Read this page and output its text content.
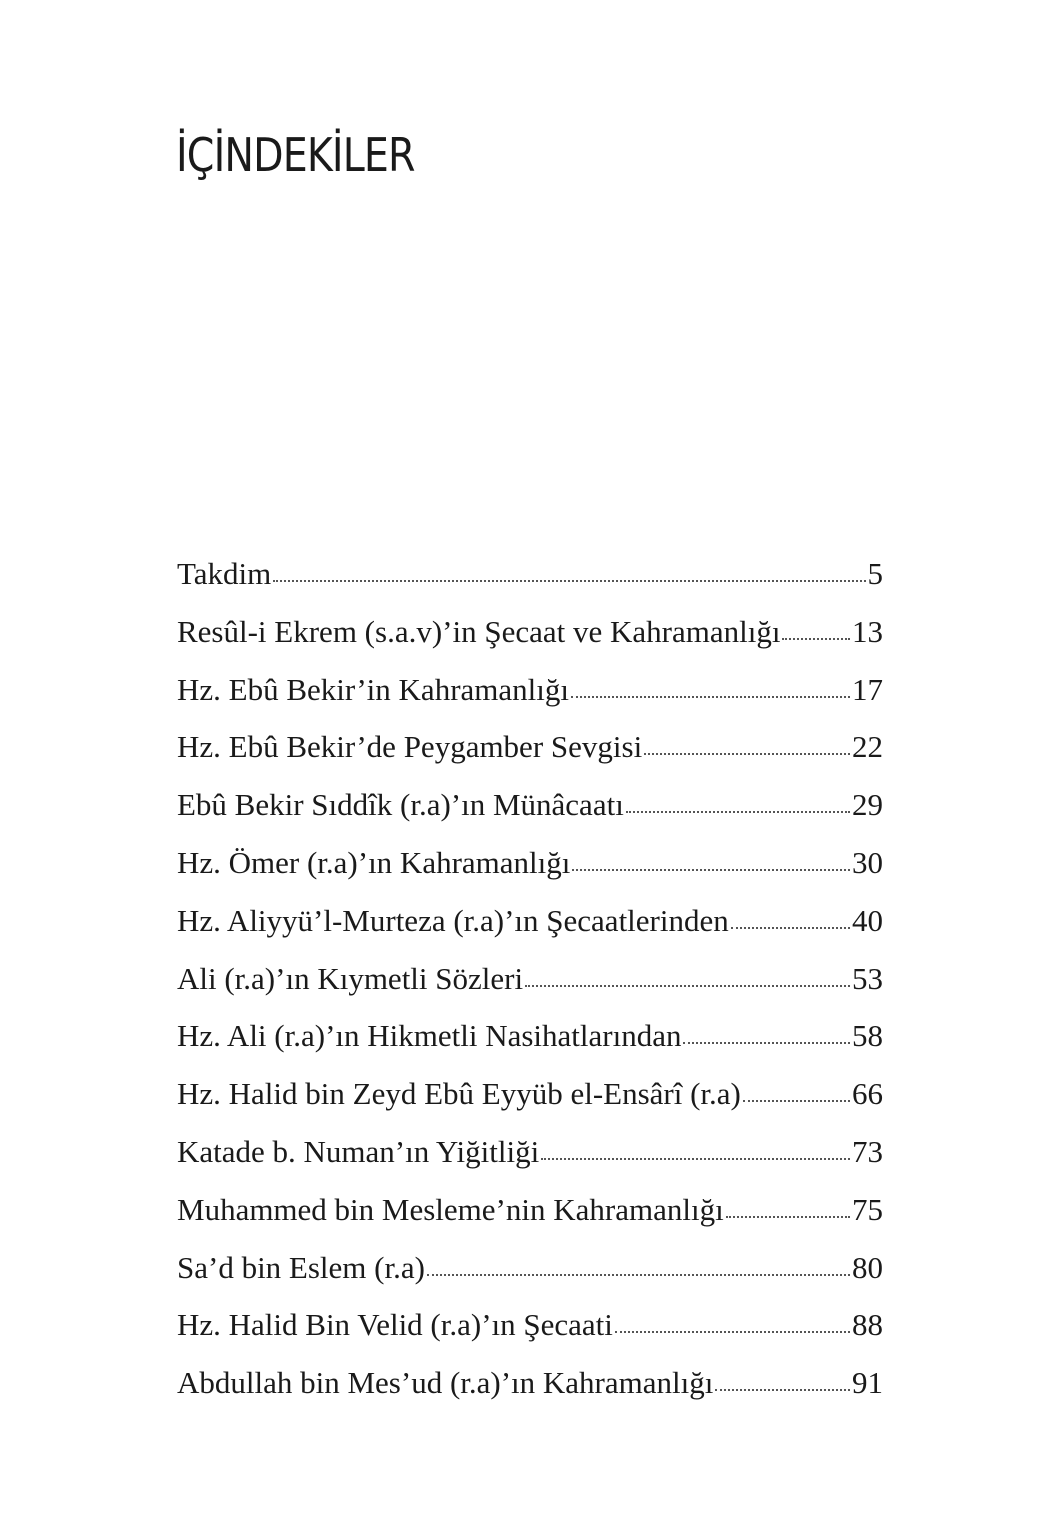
İÇİNDEKİLER
Takdim	5
Resûl-i Ekrem (s.a.v)’in Şecaat ve Kahramanlığı 13
Hz. Ebû Bekir’in Kahramanlığı	17
Hz. Ebû Bekir’de Peygamber Sevgisi	22
Ebû Bekir Sıddîk (r.a)’ın Münâcaatı	29
Hz. Ömer (r.a)’ın Kahramanlığı	30
Hz. Aliyyü’l-Murteza (r.a)’ın Şecaatlerinden	40
Ali (r.a)’ın Kıymetli Sözleri	53
Hz. Ali (r.a)’ın Hikmetli Nasihatlarından	58
Hz. Halid bin Zeyd Ebû Eyyüb el-Ensârî (r.a)	66
Katade b. Numan’ın Yiğitliği	73
Muhammed bin Mesleme’nin Kahramanlığı	75
Sa’d bin Eslem (r.a)	80
Hz. Halid Bin Velid (r.a)’ın Şecaati	88
Abdullah bin Mes’ud (r.a)’ın Kahramanlığı	91
